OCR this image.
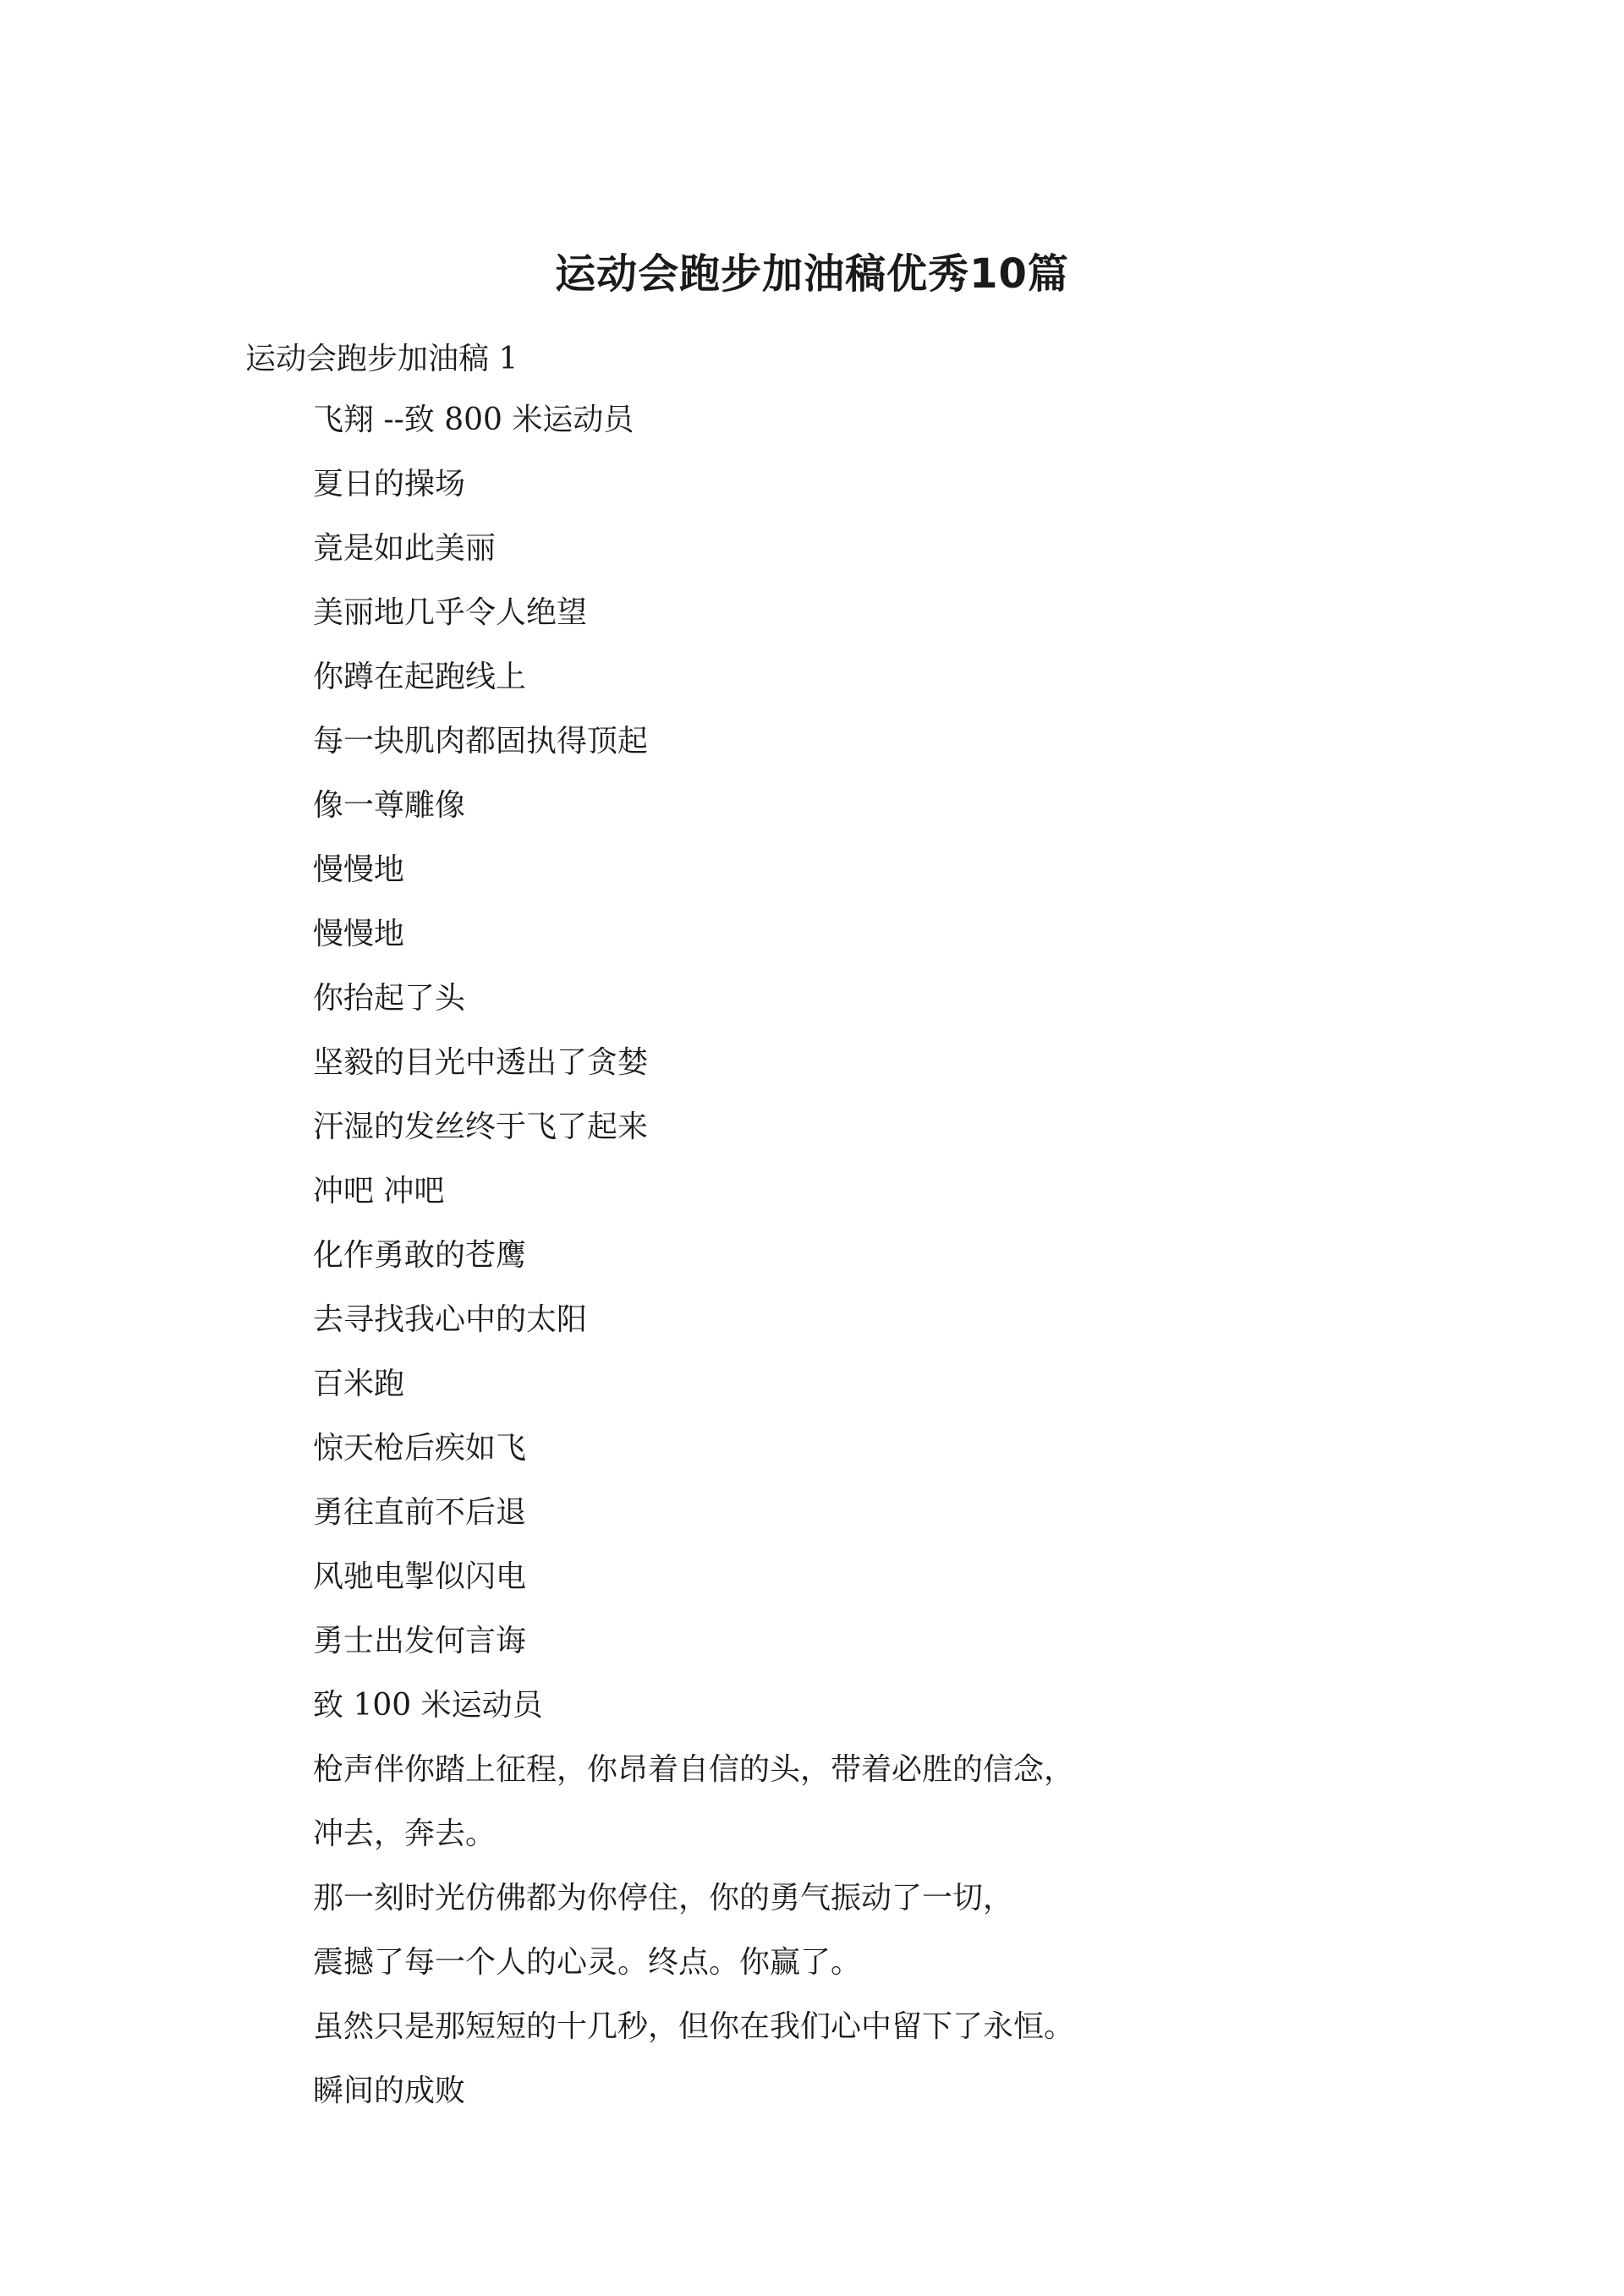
运动会跑步加油稿优秀10篇

运动会跑步加油稿 1

飞翔 --致 800 米运动员
夏日的操场
竟是如此美丽
美丽地几乎令人绝望
你蹲在起跑线上
每一块肌肉都固执得顶起
像一尊雕像
慢慢地
慢慢地
你抬起了头
坚毅的目光中透出了贪婪
汗湿的发丝终于飞了起来
冲吧 冲吧
化作勇敢的苍鹰
去寻找我心中的太阳
百米跑
惊天枪后疾如飞
勇往直前不后退
风驰电掣似闪电
勇士出发何言诲
致 100 米运动员
枪声伴你踏上征程，你昂着自信的头，带着必胜的信念，
冲去，奔去。
那一刻时光仿佛都为你停住，你的勇气振动了一切，
震撼了每一个人的心灵。终点。你赢了。
虽然只是那短短的十几秒，但你在我们心中留下了永恒。
瞬间的成败
